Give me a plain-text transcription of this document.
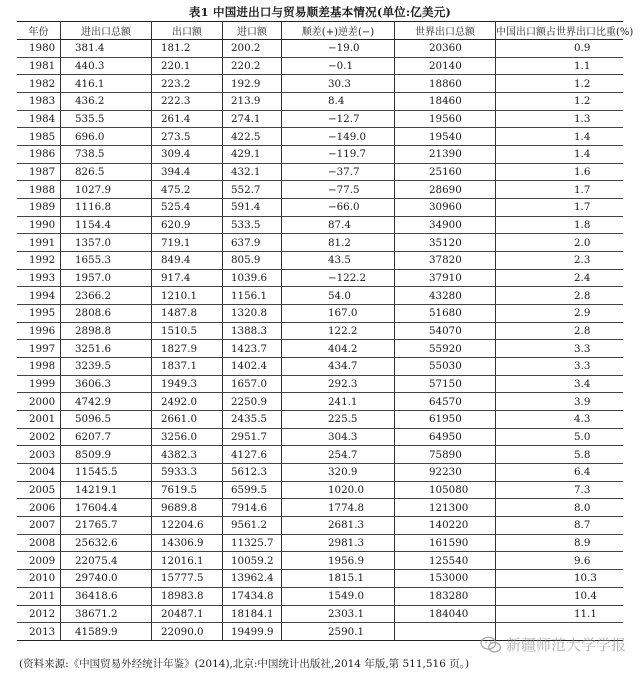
表1 中国进出口与贸易顺差基本情况(单位:亿美元)
年份	进出口总额	出口额	进口额	顺差(+)逆差(−)	世界出口总额	中国出口额占世界出口比重(%)
1980	381.4	181.2	200.2	−19.0	20360	0.9
1981	440.3	220.1	220.2	−0.1	20140	1.1
1982	416.1	223.2	192.9	30.3	18860	1.2
1983	436.2	222.3	213.9	8.4	18460	1.2
1984	535.5	261.4	274.1	−12.7	19560	1.3
1985	696.0	273.5	422.5	−149.0	19540	1.4
1986	738.5	309.4	429.1	−119.7	21390	1.4
1987	826.5	394.4	432.1	−37.7	25160	1.6
1988	1027.9	475.2	552.7	−77.5	28690	1.7
1989	1116.8	525.4	591.4	−66.0	30960	1.7
1990	1154.4	620.9	533.5	87.4	34900	1.8
1991	1357.0	719.1	637.9	81.2	35120	2.0
1992	1655.3	849.4	805.9	43.5	37820	2.3
1993	1957.0	917.4	1039.6	−122.2	37910	2.4
1994	2366.2	1210.1	1156.1	54.0	43280	2.8
1995	2808.6	1487.8	1320.8	167.0	51680	2.9
1996	2898.8	1510.5	1388.3	122.2	54070	2.8
1997	3251.6	1827.9	1423.7	404.2	55920	3.3
1998	3239.5	1837.1	1402.4	434.7	55030	3.3
1999	3606.3	1949.3	1657.0	292.3	57150	3.4
2000	4742.9	2492.0	2250.9	241.1	64570	3.9
2001	5096.5	2661.0	2435.5	225.5	61950	4.3
2002	6207.7	3256.0	2951.7	304.3	64950	5.0
2003	8509.9	4382.3	4127.6	254.7	75890	5.8
2004	11545.5	5933.3	5612.3	320.9	92230	6.4
2005	14219.1	7619.5	6599.5	1020.0	105080	7.3
2006	17604.4	9689.8	7914.6	1774.8	121300	8.0
2007	21765.7	12204.6	9561.2	2681.3	140220	8.7
2008	25632.6	14306.9	11325.7	2981.3	161590	8.9
2009	22075.4	12016.1	10059.2	1956.9	125540	9.6
2010	29740.0	15777.5	13962.4	1815.1	153000	10.3
2011	36418.6	18983.8	17434.8	1549.0	183280	10.4
2012	38671.2	20487.1	18184.1	2303.1	184040	11.1
2013	41589.9	22090.0	19499.9	2590.1		
(资料来源:《中国贸易外经统计年鉴》(2014),北京:中国统计出版社,2014 年版,第 511,516 页。)
新疆师范大学学报
